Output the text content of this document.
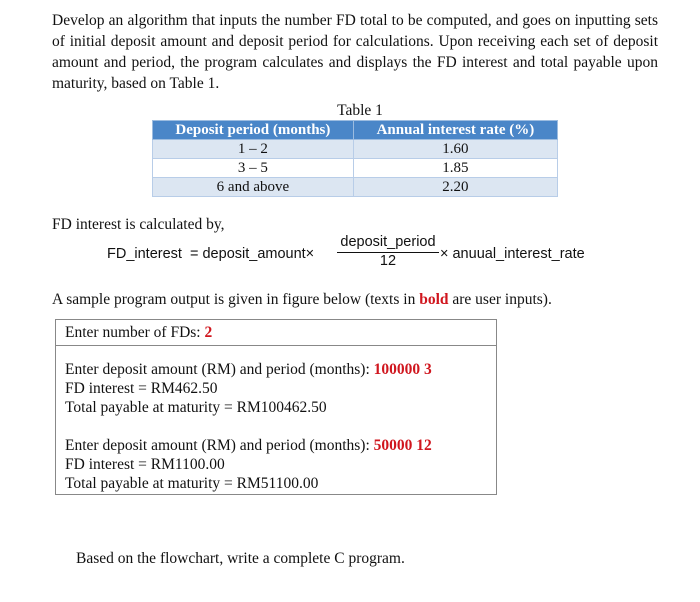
Develop an algorithm that inputs the number FD total to be computed, and goes on inputting sets of initial deposit amount and deposit period for calculations. Upon receiving each set of deposit amount and period, the program calculates and displays the FD interest and total payable upon maturity, based on Table 1.
Table 1
Deposit period (months)	Annual interest rate (%)
1 – 2	1.60
3 – 5	1.85
6 and above	2.20
FD interest is calculated by,
FD_interest  = deposit_amount×
deposit_period
12	× anuual_interest_rate
A sample program output is given in figure below (texts in bold are user inputs).
Enter number of FDs: 2
Enter deposit amount (RM) and period (months): 100000 3
FD interest = RM462.50
Total payable at maturity = RM100462.50
Enter deposit amount (RM) and period (months): 50000 12
FD interest = RM1100.00
Total payable at maturity = RM51100.00
Based on the flowchart, write a complete C program.
